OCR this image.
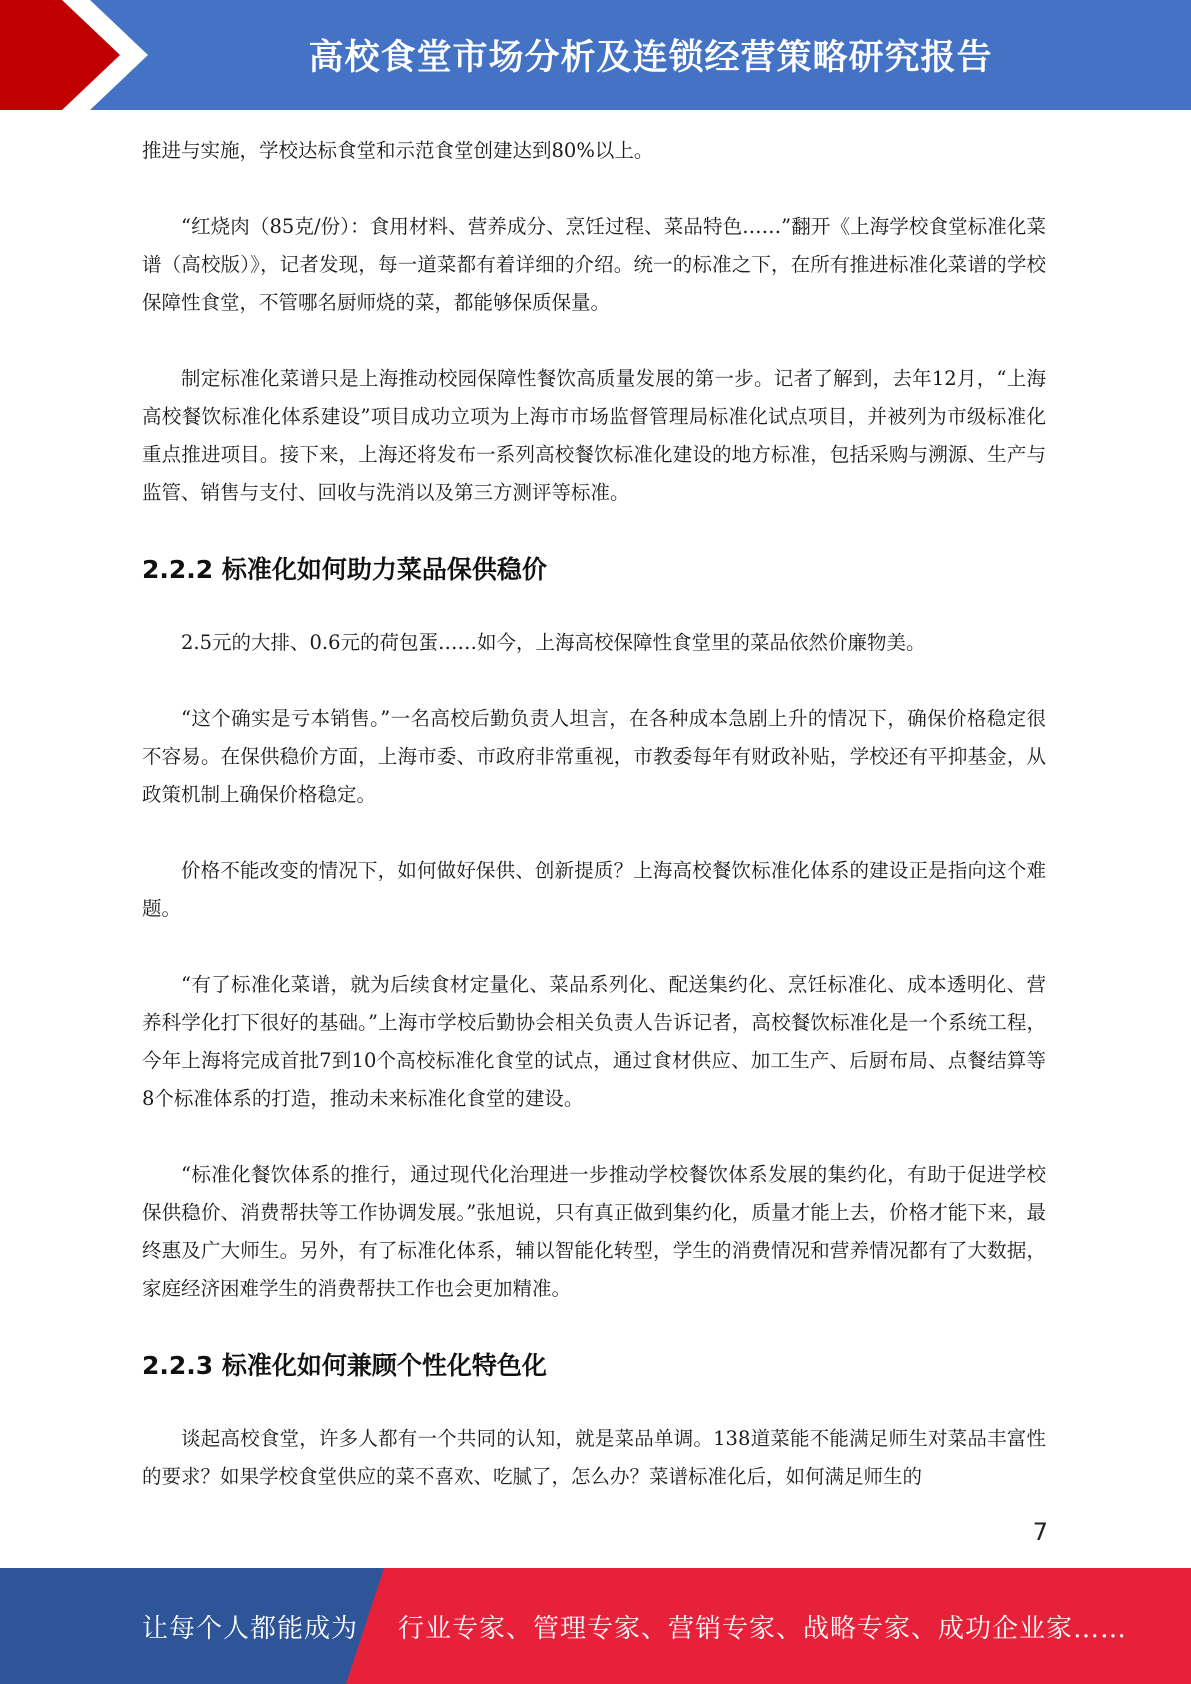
高校食堂市场分析及连锁经营策略研究报告

推进与实施，学校达标食堂和示范食堂创建达到80%以上。

“红烧肉（85克/份）：食用材料、营养成分、烹饪过程、菜品特色……”翻开《上海学校食堂标准化菜谱（高校版）》，记者发现，每一道菜都有着详细的介绍。统一的标准之下，在所有推进标准化菜谱的学校保障性食堂，不管哪名厨师烧的菜，都能够保质保量。

制定标准化菜谱只是上海推动校园保障性餐饮高质量发展的第一步。记者了解到，去年12月，“上海高校餐饮标准化体系建设”项目成功立项为上海市市场监督管理局标准化试点项目，并被列为市级标准化重点推进项目。接下来，上海还将发布一系列高校餐饮标准化建设的地方标准，包括采购与溯源、生产与监管、销售与支付、回收与洗消以及第三方测评等标准。

2.2.2 标准化如何助力菜品保供稳价

2.5元的大排、0.6元的荷包蛋……如今，上海高校保障性食堂里的菜品依然价廉物美。

“这个确实是亏本销售。”一名高校后勤负责人坦言，在各种成本急剧上升的情况下，确保价格稳定很不容易。在保供稳价方面，上海市委、市政府非常重视，市教委每年有财政补贴，学校还有平抑基金，从政策机制上确保价格稳定。

价格不能改变的情况下，如何做好保供、创新提质？上海高校餐饮标准化体系的建设正是指向这个难题。

“有了标准化菜谱，就为后续食材定量化、菜品系列化、配送集约化、烹饪标准化、成本透明化、营养科学化打下很好的基础。”上海市学校后勤协会相关负责人告诉记者，高校餐饮标准化是一个系统工程，今年上海将完成首批7到10个高校标准化食堂的试点，通过食材供应、加工生产、后厨布局、点餐结算等8个标准体系的打造，推动未来标准化食堂的建设。

“标准化餐饮体系的推行，通过现代化治理进一步推动学校餐饮体系发展的集约化，有助于促进学校保供稳价、消费帮扶等工作协调发展。”张旭说，只有真正做到集约化，质量才能上去，价格才能下来，最终惠及广大师生。另外，有了标准化体系，辅以智能化转型，学生的消费情况和营养情况都有了大数据，家庭经济困难学生的消费帮扶工作也会更加精准。

2.2.3 标准化如何兼顾个性化特色化

谈起高校食堂，许多人都有一个共同的认知，就是菜品单调。138道菜能不能满足师生对菜品丰富性的要求？如果学校食堂供应的菜不喜欢、吃腻了，怎么办？菜谱标准化后，如何满足师生的

7
让每个人都能成为 行业专家、管理专家、营销专家、战略专家、成功企业家……
